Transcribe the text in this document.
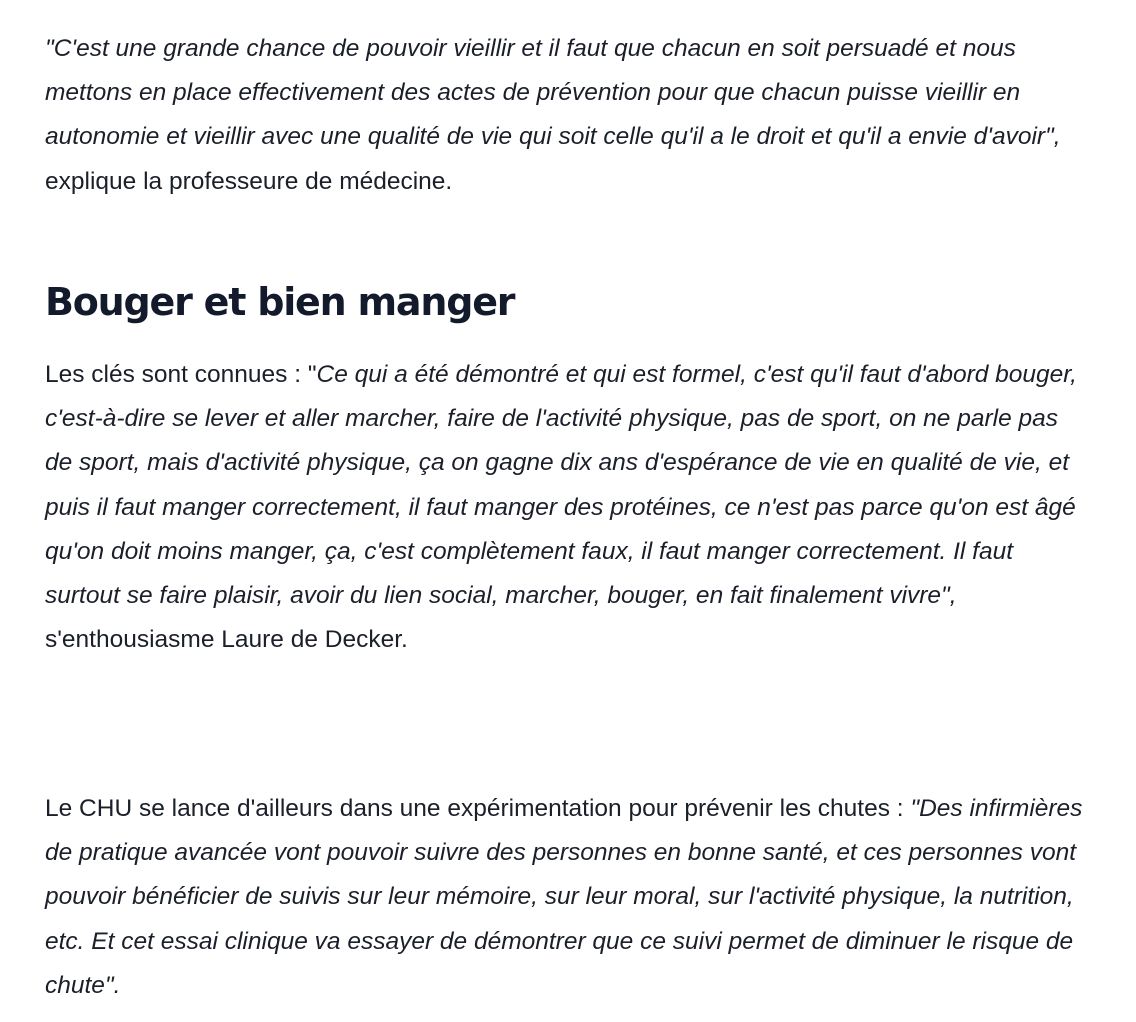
"C'est une grande chance de pouvoir vieillir et il faut que chacun en soit persuadé et nous mettons en place effectivement des actes de prévention pour que chacun puisse vieillir en autonomie et vieillir avec une qualité de vie qui soit celle qu'il a le droit et qu'il a envie d'avoir", explique la professeure de médecine.

Bouger et bien manger

Les clés sont connues : "Ce qui a été démontré et qui est formel, c'est qu'il faut d'abord bouger, c'est-à-dire se lever et aller marcher, faire de l'activité physique, pas de sport, on ne parle pas de sport, mais d'activité physique, ça on gagne dix ans d'espérance de vie en qualité de vie, et puis il faut manger correctement, il faut manger des protéines, ce n'est pas parce qu'on est âgé qu'on doit moins manger, ça, c'est complètement faux, il faut manger correctement. Il faut surtout se faire plaisir, avoir du lien social, marcher, bouger, en fait finalement vivre", s'enthousiasme Laure de Decker.

Le CHU se lance d'ailleurs dans une expérimentation pour prévenir les chutes : "Des infirmières de pratique avancée vont pouvoir suivre des personnes en bonne santé, et ces personnes vont pouvoir bénéficier de suivis sur leur mémoire, sur leur moral, sur l'activité physique, la nutrition, etc. Et cet essai clinique va essayer de démontrer que ce suivi permet de diminuer le risque de chute".
